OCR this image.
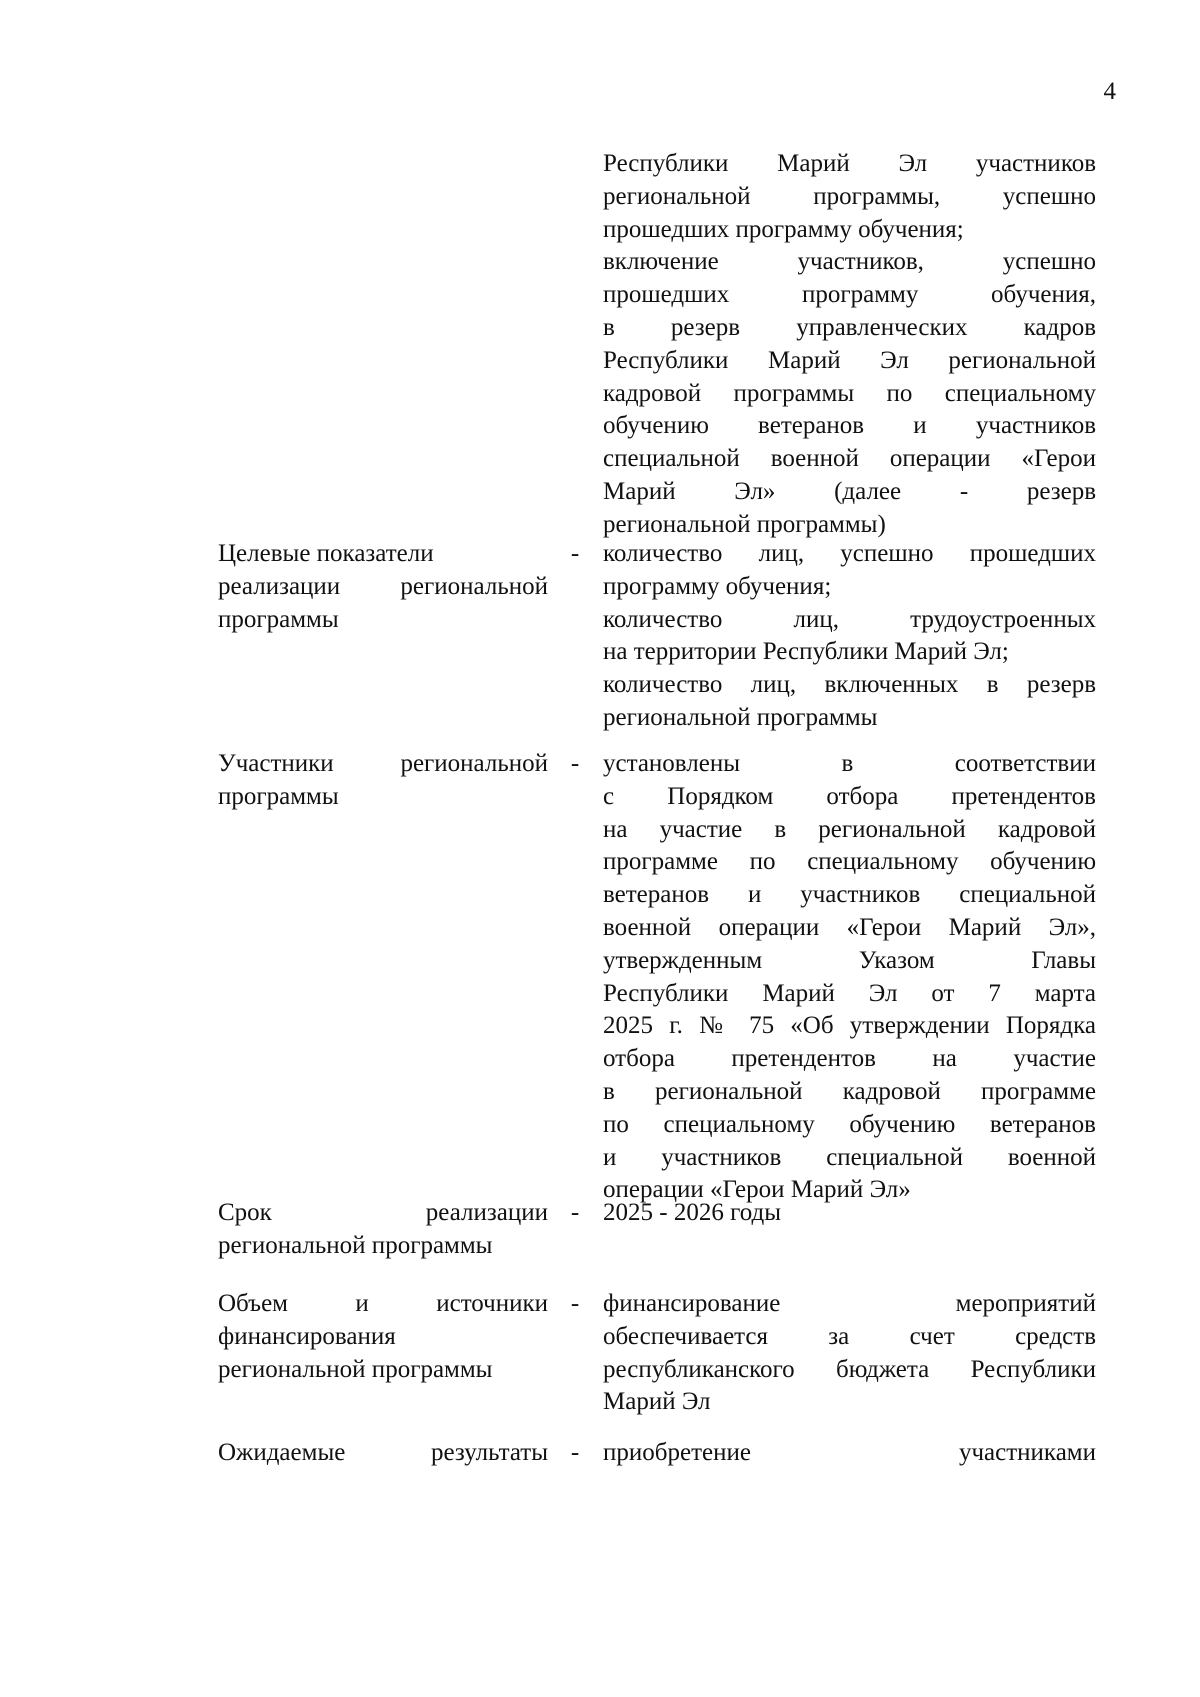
4
Республики Марий Эл участников
региональной программы, успешно
прошедших программу обучения;
включение участников, успешно
прошедших программу обучения,
в резерв управленческих кадров
Республики Марий Эл региональной
кадровой программы по специальному
обучению ветеранов и участников
специальной военной операции «Герои
Марий Эл» (далее - резерв
региональной программы)
Целевые показатели
реализации региональной
программы
- количество лиц, успешно прошедших
программу обучения;
количество лиц, трудоустроенных
на территории Республики Марий Эл;
количество лиц, включенных в резерв
региональной программы
Участники региональной
программы
- установлены в соответствии
с Порядком отбора претендентов
на участие в региональной кадровой
программе по специальному обучению
ветеранов и участников специальной
военной операции «Герои Марий Эл»,
утвержденным Указом Главы
Республики Марий Эл от 7 марта
2025 г. № 75 «Об утверждении Порядка
отбора претендентов на участие
в региональной кадровой программе
по специальному обучению ветеранов
и участников специальной военной
операции «Герои Марий Эл»
Срок реализации
региональной программы
- 2025 - 2026 годы
Объем и источники
финансирования
региональной программы
- финансирование мероприятий
обеспечивается за счет средств
республиканского бюджета Республики
Марий Эл
Ожидаемые результаты - приобретение участниками
